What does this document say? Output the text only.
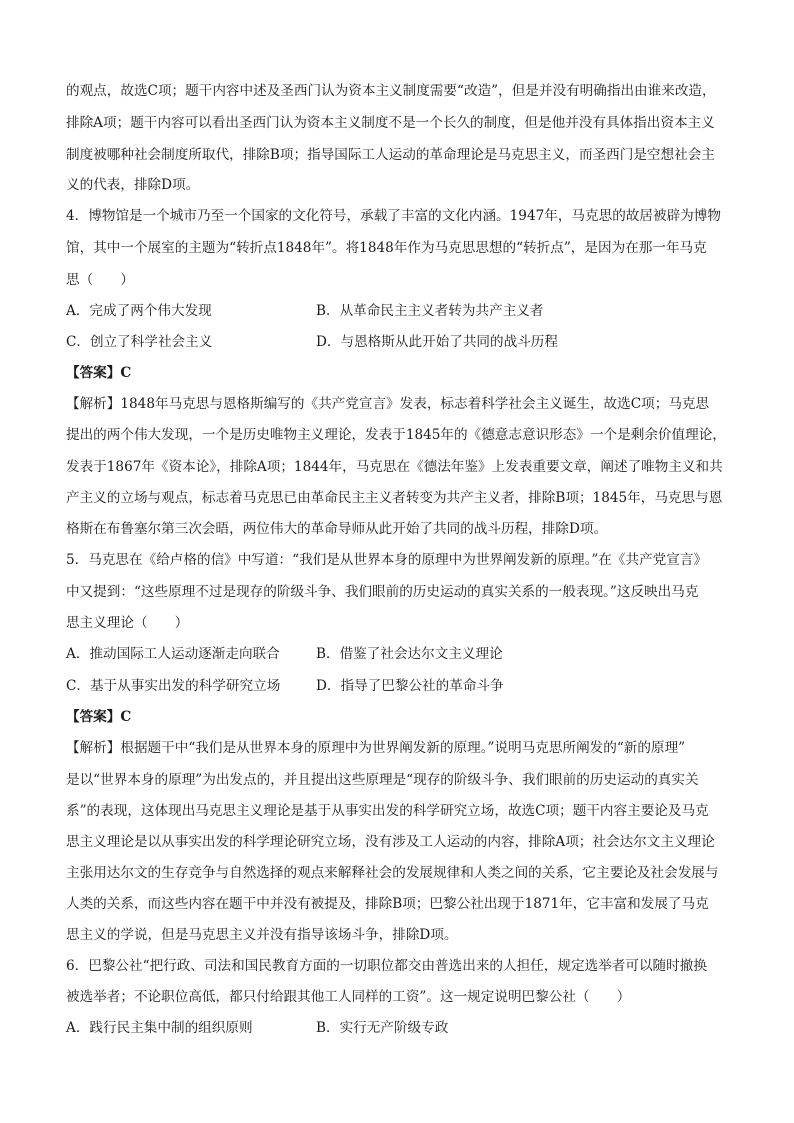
的观点，故选C项；题干内容中述及圣西门认为资本主义制度需要“改造”，但是并没有明确指出由谁来改造，
排除A项；题干内容可以看出圣西门认为资本主义制度不是一个长久的制度，但是他并没有具体指出资本主义
制度被哪种社会制度所取代，排除B项；指导国际工人运动的革命理论是马克思主义，而圣西门是空想社会主
义的代表，排除D项。
4．博物馆是一个城市乃至一个国家的文化符号，承载了丰富的文化内涵。1947年，马克思的故居被辟为博物
馆，其中一个展室的主题为“转折点1848年”。将1848年作为马克思思想的“转折点”，是因为在那一年马克
思（　　）
A．完成了两个伟大发现	B．从革命民主主义者转为共产主义者
C．创立了科学社会主义	D．与恩格斯从此开始了共同的战斗历程
【答案】C
【解析】1848年马克思与恩格斯编写的《共产党宣言》发表，标志着科学社会主义诞生，故选C项；马克思
提出的两个伟大发现，一个是历史唯物主义理论，发表于1845年的《德意志意识形态》一个是剩余价值理论，
发表于1867年《资本论》，排除A项；1844年，马克思在《德法年鉴》上发表重要文章，阐述了唯物主义和共
产主义的立场与观点，标志着马克思已由革命民主主义者转变为共产主义者，排除B项；1845年，马克思与恩
格斯在布鲁塞尔第三次会晤，两位伟大的革命导师从此开始了共同的战斗历程，排除D项。
5．马克思在《给卢格的信》中写道：“我们是从世界本身的原理中为世界阐发新的原理。”在《共产党宣言》
中又提到：“这些原理不过是现存的阶级斗争、我们眼前的历史运动的真实关系的一般表现。”这反映出马克
思主义理论（　　）
A．推动国际工人运动逐渐走向联合	B．借鉴了社会达尔文主义理论
C．基于从事实出发的科学研究立场	D．指导了巴黎公社的革命斗争
【答案】C
【解析】根据题干中“我们是从世界本身的原理中为世界阐发新的原理。”说明马克思所阐发的“新的原理”
是以“世界本身的原理”为出发点的，并且提出这些原理是“现存的阶级斗争、我们眼前的历史运动的真实关
系”的表现，这体现出马克思主义理论是基于从事实出发的科学研究立场，故选C项；题干内容主要论及马克
思主义理论是以从事实出发的科学理论研究立场，没有涉及工人运动的内容，排除A项；社会达尔文主义理论
主张用达尔文的生存竞争与自然选择的观点来解释社会的发展规律和人类之间的关系，它主要论及社会发展与
人类的关系，而这些内容在题干中并没有被提及，排除B项；巴黎公社出现于1871年，它丰富和发展了马克
思主义的学说，但是马克思主义并没有指导该场斗争，排除D项。
6．巴黎公社“把行政、司法和国民教育方面的一切职位都交由普选出来的人担任，规定选举者可以随时撤换
被选举者；不论职位高低，都只付给跟其他工人同样的工资”。这一规定说明巴黎公社（　　）
A．践行民主集中制的组织原则	B．实行无产阶级专政
